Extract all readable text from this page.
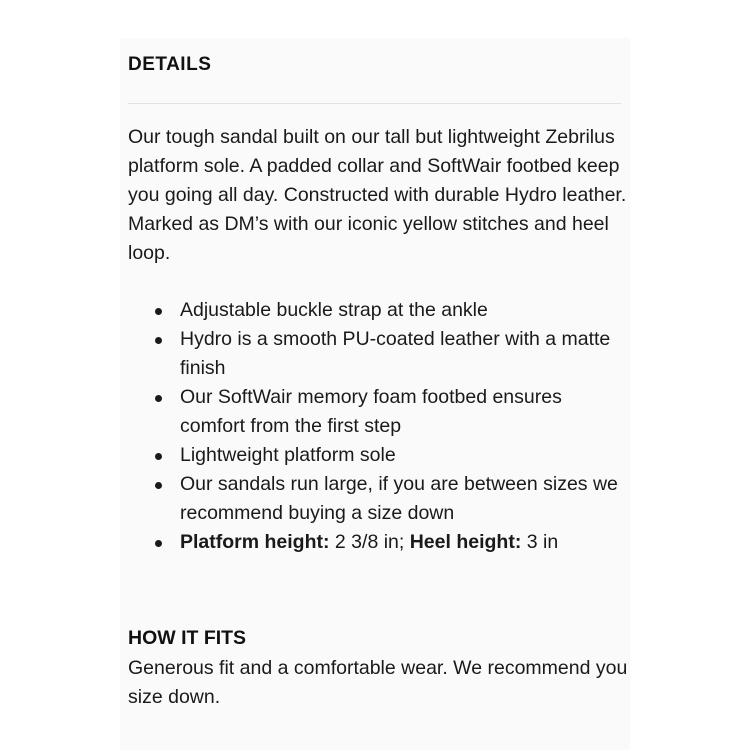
DETAILS

Our tough sandal built on our tall but lightweight Zebrilus platform sole. A padded collar and SoftWair footbed keep you going all day. Constructed with durable Hydro leather. Marked as DM’s with our iconic yellow stitches and heel loop.

Adjustable buckle strap at the ankle
Hydro is a smooth PU-coated leather with a matte finish
Our SoftWair memory foam footbed ensures comfort from the first step
Lightweight platform sole
Our sandals run large, if you are between sizes we recommend buying a size down
Platform height: 2 3/8 in; Heel height: 3 in
HOW IT FITS

Generous fit and a comfortable wear. We recommend you size down.
